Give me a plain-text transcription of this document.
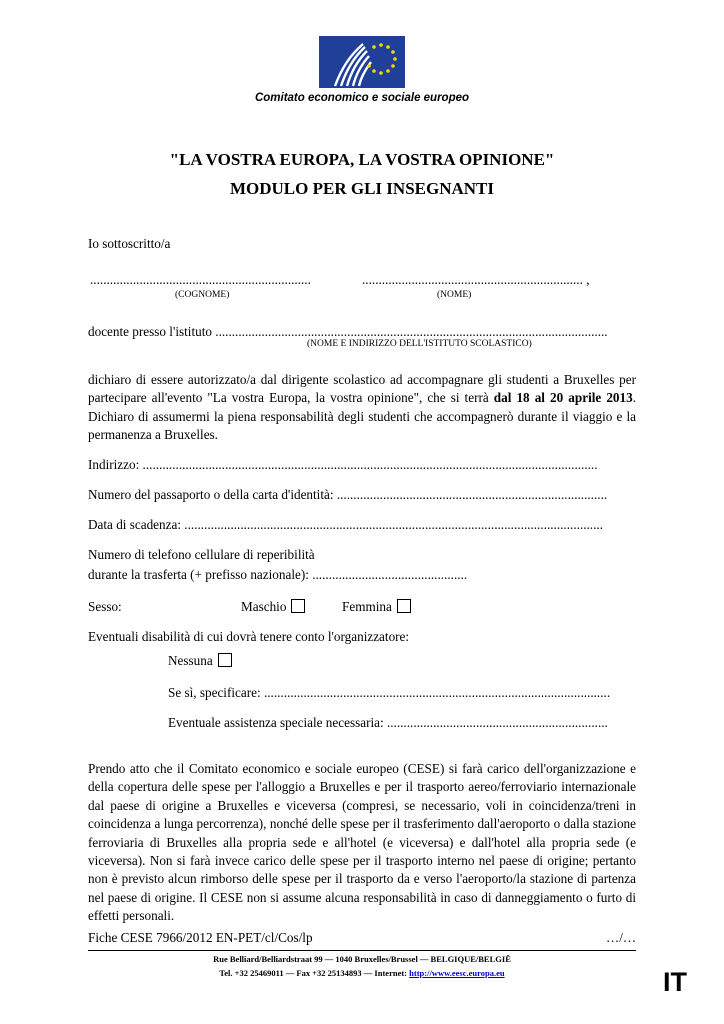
Comitato economico e sociale europeo
"LA VOSTRA EUROPA, LA VOSTRA OPINIONE"
MODULO PER GLI INSEGNANTI
Io sottoscritto/a
...................................................................	................................................................... ,
(COGNOME)	(NOME)
docente presso l'istituto .......................................................................................................................
(NOME E INDIRIZZO DELL'ISTITUTO SCOLASTICO)
dichiaro di essere autorizzato/a dal dirigente scolastico ad accompagnare gli studenti a Bruxelles per partecipare all'evento "La vostra Europa, la vostra opinione", che si terrà dal 18 al 20 aprile 2013. Dichiaro di assumermi la piena responsabilità degli studenti che accompagnerò durante il viaggio e la permanenza a Bruxelles.
Indirizzo: ..........................................................................................................................................
Numero del passaporto o della carta d'identità: ..................................................................................
Data di scadenza: ...............................................................................................................................
Numero di telefono cellulare di reperibilità
durante la trasferta (+ prefisso nazionale): ...............................................
Sesso:	Maschio	Femmina
Eventuali disabilità di cui dovrà tenere conto l'organizzatore:
Nessuna
Se sì, specificare: .........................................................................................................
Eventuale assistenza speciale necessaria: ...................................................................
Prendo atto che il Comitato economico e sociale europeo (CESE) si farà carico dell'organizzazione e della copertura delle spese per l'alloggio a Bruxelles e per il trasporto aereo/ferroviario internazionale dal paese di origine a Bruxelles e viceversa (compresi, se necessario, voli in coincidenza/treni in coincidenza a lunga percorrenza), nonché delle spese per il trasferimento dall'aeroporto o dalla stazione ferroviaria di Bruxelles alla propria sede e all'hotel (e viceversa) e dall'hotel alla propria sede (e viceversa). Non si farà invece carico delle spese per il trasporto interno nel paese di origine; pertanto non è previsto alcun rimborso delle spese per il trasporto da e verso l'aeroporto/la stazione di partenza nel paese di origine. Il CESE non si assume alcuna responsabilità in caso di danneggiamento o furto di effetti personali.
Fiche CESE 7966/2012 EN-PET/cl/Cos/lp	…/…
Rue Belliard/Belliardstraat 99 — 1040 Bruxelles/Brussel — BELGIQUE/BELGIË
Tel. +32 25469011 — Fax +32 25134893 — Internet: http://www.eesc.europa.eu	IT
